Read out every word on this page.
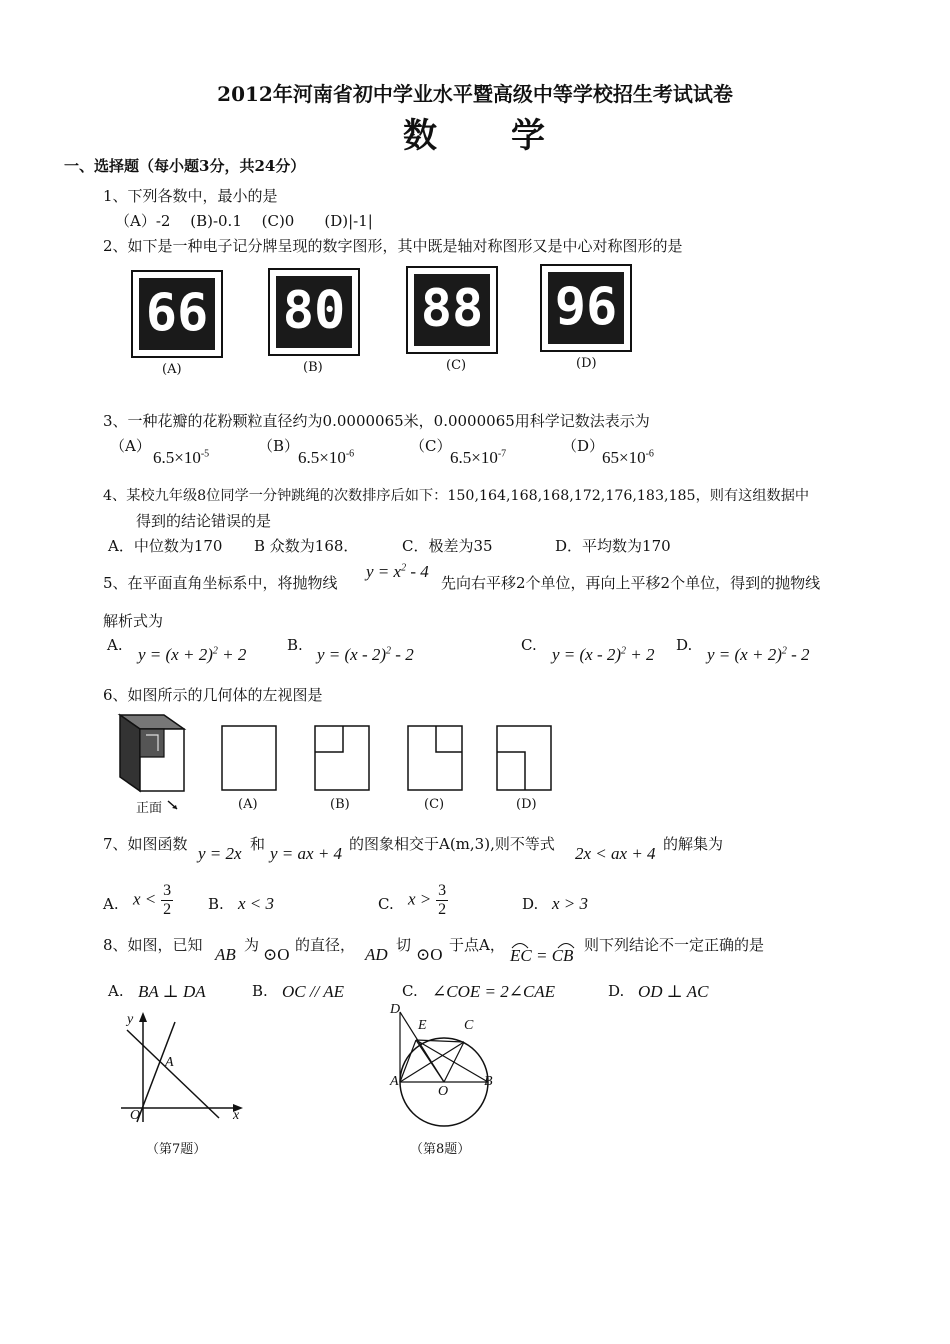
2012年河南省初中学业水平暨高级中等学校招生考试试卷
数　　学
一、选择题（每小题3分，共24分）
1、下列各数中，最小的是
（A）-2　 (B)-0.1　 (C)0　　(D)|-1|
2、如下是一种电子记分牌呈现的数字图形，其中既是轴对称图形又是中心对称图形的是
66 80 88 96
(A)	(B)	(C)	(D)
3、一种花瓣的花粉颗粒直径约为0.0000065米，0.0000065用科学记数法表示为
（A）
$6.5\times 10^{-5}$	（B）
$6.5\times 10^{-6}$	（C）
$6.5\times 10^{-7}$	（D）
$65\times 10^{-6}$
4、某校九年级8位同学一分钟跳绳的次数排序后如下：150,164,168,168,172,176,183,185，则有这组数据中
得到的结论错误的是
A．中位数为170 B 众数为168．	C．极差为35	D．平均数为170
5、在平面直角坐标系中，将抛物线
$y = x^2 - 4$
先向右平移2个单位，再向上平移2个单位，得到的抛物线
解析式为
A. $y = (x + 2)^2 + 2$	B. y = (x - 2)$^2$ - 2	C. y = (x - 2)$^2$ + 2 D. $y = (x + 2)^2 - 2$
6、如图所示的几何体的左视图是
正面	(A)	(B)	(C)	(D)
7、如图函数 y = 2x 和 y = ax + 4 的图象相交于A(m,3),则不等式 2x < ax + 4 的解集为
A. $x < \frac{3}{2} B$. x < 3	C. $x > \frac{3}{2}$	D. x > 3
8、如图，已知 AB 为 ⊙O 的直径， AD 切 ⊙O 于点A，
EC = CB
则下列结论不一定正确的是
A. BA ⊥ DA	B. OC // AE	C. ∠COE = 2∠CAE	D. OD ⊥ AC
y
x
O
A
（第7题）
D
E	C
A
O
B
（第8题）
